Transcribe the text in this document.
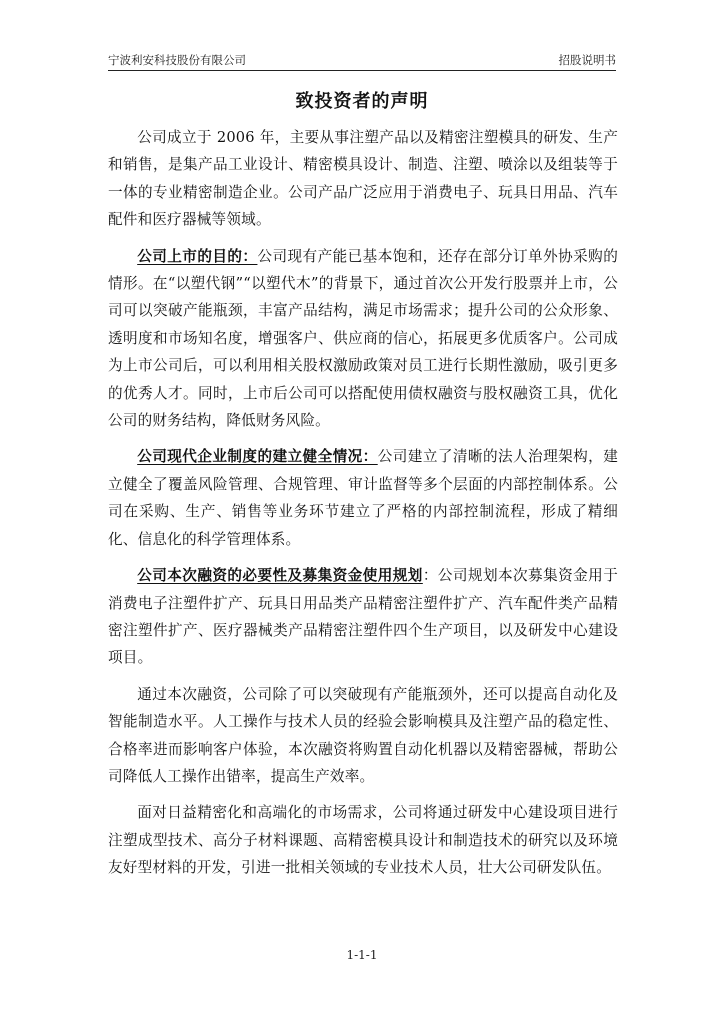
宁波利安科技股份有限公司	招股说明书
致投资者的声明

公司成立于 2006 年，主要从事注塑产品以及精密注塑模具的研发、生产和销售，是集产品工业设计、精密模具设计、制造、注塑、喷涂以及组装等于一体的专业精密制造企业。公司产品广泛应用于消费电子、玩具日用品、汽车配件和医疗器械等领域。

公司上市的目的：公司现有产能已基本饱和，还存在部分订单外协采购的情形。在“以塑代钢”“以塑代木”的背景下，通过首次公开发行股票并上市，公司可以突破产能瓶颈，丰富产品结构，满足市场需求；提升公司的公众形象、透明度和市场知名度，增强客户、供应商的信心，拓展更多优质客户。公司成为上市公司后，可以利用相关股权激励政策对员工进行长期性激励，吸引更多的优秀人才。同时，上市后公司可以搭配使用债权融资与股权融资工具，优化公司的财务结构，降低财务风险。

公司现代企业制度的建立健全情况：公司建立了清晰的法人治理架构，建立健全了覆盖风险管理、合规管理、审计监督等多个层面的内部控制体系。公司在采购、生产、销售等业务环节建立了严格的内部控制流程，形成了精细化、信息化的科学管理体系。

公司本次融资的必要性及募集资金使用规划：公司规划本次募集资金用于消费电子注塑件扩产、玩具日用品类产品精密注塑件扩产、汽车配件类产品精密注塑件扩产、医疗器械类产品精密注塑件四个生产项目，以及研发中心建设项目。

通过本次融资，公司除了可以突破现有产能瓶颈外，还可以提高自动化及智能制造水平。人工操作与技术人员的经验会影响模具及注塑产品的稳定性、合格率进而影响客户体验，本次融资将购置自动化机器以及精密器械，帮助公司降低人工操作出错率，提高生产效率。

面对日益精密化和高端化的市场需求，公司将通过研发中心建设项目进行注塑成型技术、高分子材料课题、高精密模具设计和制造技术的研究以及环境友好型材料的开发，引进一批相关领域的专业技术人员，壮大公司研发队伍。

1-1-1
